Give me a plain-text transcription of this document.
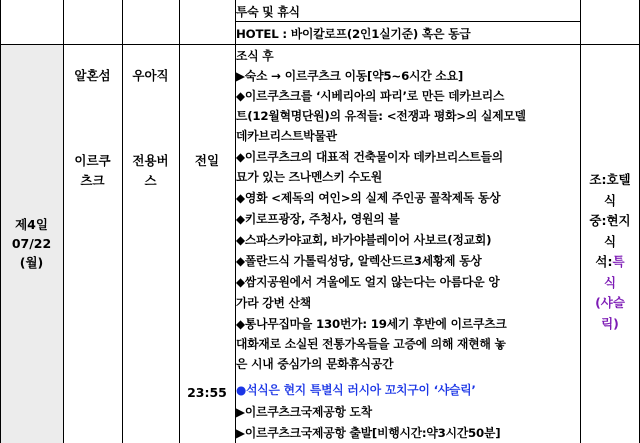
제4일
07/22
(월)
알혼섬
이르쿠
츠크
우아직
전용버
스
전일
23:55
투숙 및 휴식
HOTEL : 바이칼로프(2인1실기준) 혹은 동급
조식 후
▶숙소 → 이르쿠츠크 이동[약5~6시간 소요]
◆이르쿠츠크를 ‘시베리아의 파리’로 만든 데카브리스
트(12월혁명단원)의 유적들: <전쟁과 평화>의 실제모델
데카브리스트박물관
◆이르쿠츠크의 대표적 건축물이자 데카브리스트들의
묘가 있는 즈나멘스키 수도원
◆영화 <제독의 여인>의 실제 주인공 꼴착제독 동상
◆키로프광장, 주청사, 영원의 불
◆스파스카야교회, 바가야블레이어 사보르(정교회)
◆폴란드식 가톨릭성당, 알렉산드르3세황제 동상
◆쌈지공원에서 겨울에도 얼지 않는다는 아름다운 앙
가라 강변 산책
◆통나무집마을 130번가: 19세기 후반에 이르쿠츠크
대화재로 소실된 전통가옥들을 고증에 의해 재현해 놓
은 시내 중심가의 문화휴식공간
●석식은 현지 특별식 러시아 꼬치구이 ‘샤슬릭’
▶이르쿠츠크국제공항 도착
▶이르쿠츠크국제공항 출발[비행시간:약3시간50분]
조:호텔
식
중:현지
식
석:특
식
(샤슬
릭)
